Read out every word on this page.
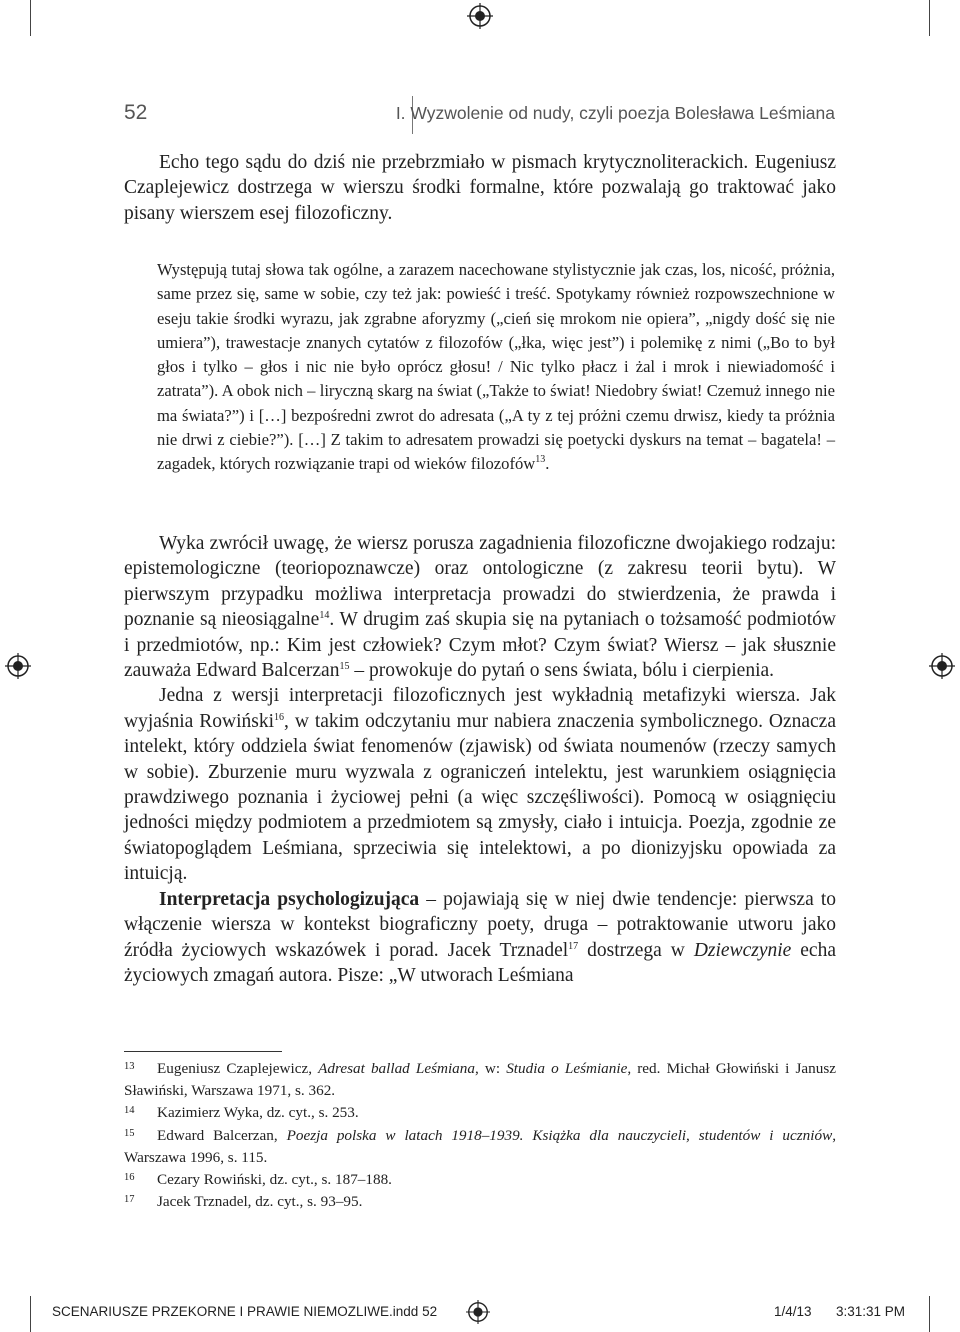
52	I. Wyzwolenie od nudy, czyli poezja Bolesława Leśmiana

Echo tego sądu do dziś nie przebrzmiało w pismach krytycznoliterackich. Eugeniusz Czaplejewicz dostrzega w wierszu środki formalne, które pozwalają go traktować jako pisany wierszem esej filozoficzny.

Występują tutaj słowa tak ogólne, a zarazem nacechowane stylistycznie jak czas, los, nicość, próżnia, same przez się, same w sobie, czy też jak: powieść i treść. Spotykamy również rozpowszechnione w eseju takie środki wyrazu, jak zgrabne aforyzmy („cień się mrokom nie opiera”, „nigdy dość się nie umiera”), trawestacje znanych cytatów z filozofów („łka, więc jest”) i polemikę z nimi („Bo to był głos i tylko – głos i nic nie było oprócz głosu! / Nic tylko płacz i żal i mrok i niewiadomość i zatrata”). A obok nich – liryczną skarg na świat („Także to świat! Niedobry świat! Czemuż innego nie ma świata?”) i […] bezpośredni zwrot do adresata („A ty z tej próżni czemu drwisz, kiedy ta próżnia nie drwi z ciebie?”). […] Z takim to adresatem prowadzi się poetycki dyskurs na temat – bagatela! – zagadek, których rozwiązanie trapi od wieków filozofów$^{13}$.

Wyka zwrócił uwagę, że wiersz porusza zagadnienia filozoficzne dwojakiego rodzaju: epistemologiczne (teoriopoznawcze) oraz ontologiczne (z zakresu teorii bytu). W pierwszym przypadku możliwa interpretacja prowadzi do stwierdzenia, że prawda i poznanie są nieosiągalne$^{14}$. W drugim zaś skupia się na pytaniach o tożsamość podmiotów i przedmiotów, np.: Kim jest człowiek? Czym młot? Czym świat? Wiersz – jak słusznie zauważa Edward Balcerzan$^{15}$ – prowokuje do pytań o sens świata, bólu i cierpienia.

Jedna z wersji interpretacji filozoficznych jest wykładnią metafizyki wiersza. Jak wyjaśnia Rowiński$^{16}$, w takim odczytaniu mur nabiera znaczenia symbolicznego. Oznacza intelekt, który oddziela świat fenomenów (zjawisk) od świata noumenów (rzeczy samych w sobie). Zburzenie muru wyzwala z ograniczeń intelektu, jest warunkiem osiągnięcia prawdziwego poznania i życiowej pełni (a więc szczęśliwości). Pomocą w osiągnięciu jedności między podmiotem a przedmiotem są zmysły, ciało i intuicja. Poezja, zgodnie ze światopoglądem Leśmiana, sprzeciwia się intelektowi, a po dionizyjsku opowiada za intuicją.

Interpretacja psychologizująca – pojawiają się w niej dwie tendencje: pierwsza to włączenie wiersza w kontekst biograficzny poety, druga – potraktowanie utworu jako źródła życiowych wskazówek i porad. Jacek Trznadel$^{17}$ dostrzega w Dziewczynie echa życiowych zmagań autora. Pisze: „W utworach Leśmiana

13 Eugeniusz Czaplejewicz, Adresat ballad Leśmiana, w: Studia o Leśmianie, red. Michał Głowiński i Janusz Sławiński, Warszawa 1971, s. 362.
14 Kazimierz Wyka, dz. cyt., s. 253.
15 Edward Balcerzan, Poezja polska w latach 1918–1939. Książka dla nauczycieli, studentów i uczniów, Warszawa 1996, s. 115.
16 Cezary Rowiński, dz. cyt., s. 187–188.
17 Jacek Trznadel, dz. cyt., s. 93–95.
SCENARIUSZE PRZEKORNE I PRAWIE NIEMOZLIWE.indd 52	1/4/13 3:31:31 PM
